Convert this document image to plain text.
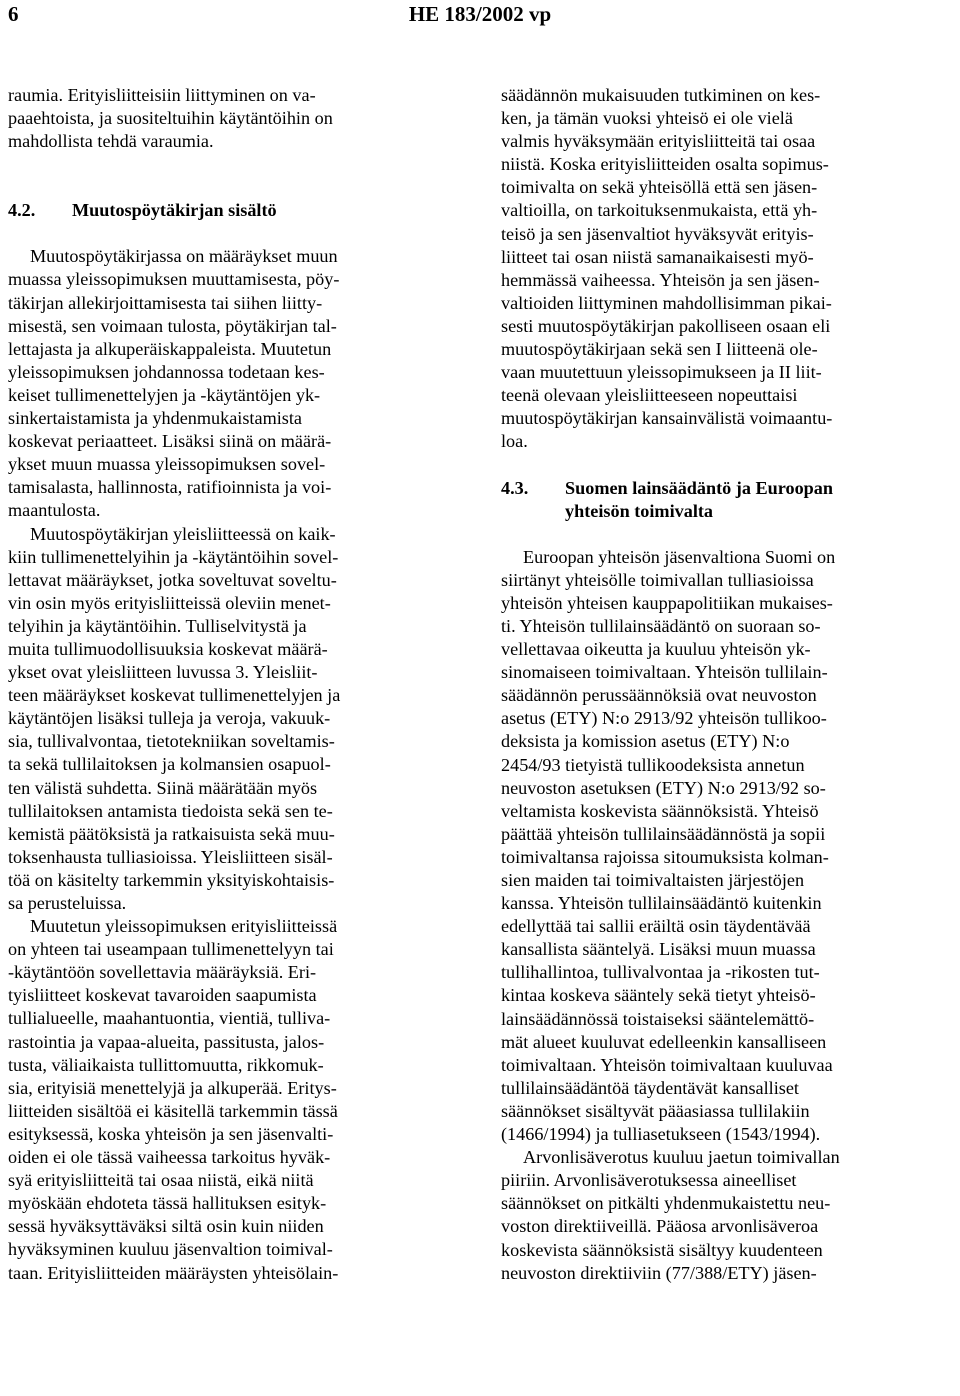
6	HE 183/2002 vp

raumia. Erityisliitteisiin liittyminen on va-
paaehtoista, ja suositeltuihin käytäntöihin on
mahdollista tehdä varaumia.

4.2.	Muutospöytäkirjan sisältö

Muutospöytäkirjassa on määräykset muun
muassa yleissopimuksen muuttamisesta, pöy-
täkirjan allekirjoittamisesta tai siihen liitty-
misestä, sen voimaan tulosta, pöytäkirjan tal-
lettajasta ja alkuperäiskappaleista. Muutetun
yleissopimuksen johdannossa todetaan kes-
keiset tullimenettelyjen ja -käytäntöjen yk-
sinkertaistamista ja yhdenmukaistamista
koskevat periaatteet. Lisäksi siinä on määrä-
ykset muun muassa yleissopimuksen sovel-
tamisalasta, hallinnosta, ratifioinnista ja voi-
maantulosta.

Muutospöytäkirjan yleisliitteessä on kaik-
kiin tullimenettelyihin ja -käytäntöihin sovel-
lettavat määräykset, jotka soveltuvat soveltu-
vin osin myös erityisliitteissä oleviin menet-
telyihin ja käytäntöihin. Tulliselvitystä ja
muita tullimuodollisuuksia koskevat määrä-
ykset ovat yleisliitteen luvussa 3. Yleisliit-
teen määräykset koskevat tullimenettelyjen ja
käytäntöjen lisäksi tulleja ja veroja, vakuuk-
sia, tullivalvontaa, tietotekniikan soveltamis-
ta sekä tullilaitoksen ja kolmansien osapuol-
ten välistä suhdetta. Siinä määrätään myös
tullilaitoksen antamista tiedoista sekä sen te-
kemistä päätöksistä ja ratkaisuista sekä muu-
toksenhausta tulliasioissa. Yleisliitteen sisäl-
töä on käsitelty tarkemmin yksityiskohtaisis-
sa perusteluissa.

Muutetun yleissopimuksen erityisliitteissä
on yhteen tai useampaan tullimenettelyyn tai
-käytäntöön sovellettavia määräyksiä. Eri-
tyisliitteet koskevat tavaroiden saapumista
tullialueelle, maahantuontia, vientiä, tulliva-
rastointia ja vapaa-alueita, passitusta, jalos-
tusta, väliaikaista tullittomuutta, rikkomuk-
sia, erityisiä menettelyjä ja alkuperää. Eritys-
liitteiden sisältöä ei käsitellä tarkemmin tässä
esityksessä, koska yhteisön ja sen jäsenvalti-
oiden ei ole tässä vaiheessa tarkoitus hyväk-
syä erityisliitteitä tai osaa niistä, eikä niitä
myöskään ehdoteta tässä hallituksen esityk-
sessä hyväksyttäväksi siltä osin kuin niiden
hyväksyminen kuuluu jäsenvaltion toimival-
taan. Erityisliitteiden määräysten yhteisölain-

säädännön mukaisuuden tutkiminen on kes-
ken, ja tämän vuoksi yhteisö ei ole vielä
valmis hyväksymään erityisliitteitä tai osaa
niistä. Koska erityisliitteiden osalta sopimus-
toimivalta on sekä yhteisöllä että sen jäsen-
valtioilla, on tarkoituksenmukaista, että yh-
teisö ja sen jäsenvaltiot hyväksyvät erityis-
liitteet tai osan niistä samanaikaisesti myö-
hemmässä vaiheessa. Yhteisön ja sen jäsen-
valtioiden liittyminen mahdollisimman pikai-
sesti muutospöytäkirjan pakolliseen osaan eli
muutospöytäkirjaan sekä sen I liitteenä ole-
vaan muutettuun yleissopimukseen ja II liit-
teenä olevaan yleisliitteeseen nopeuttaisi
muutospöytäkirjan kansainvälistä voimaantu-
loa.

4.3.	Suomen lainsäädäntö ja Euroopan
yhteisön toimivalta

Euroopan yhteisön jäsenvaltiona Suomi on
siirtänyt yhteisölle toimivallan tulliasioissa
yhteisön yhteisen kauppapolitiikan mukaises-
ti. Yhteisön tullilainsäädäntö on suoraan so-
vellettavaa oikeutta ja kuuluu yhteisön yk-
sinomaiseen toimivaltaan. Yhteisön tullilain-
säädännön perussäännöksiä ovat neuvoston
asetus (ETY) N:o 2913/92 yhteisön tullikoo-
deksista ja komission asetus (ETY) N:o
2454/93 tietyistä tullikoodeksista annetun
neuvoston asetuksen (ETY) N:o 2913/92 so-
veltamista koskevista säännöksistä. Yhteisö
päättää yhteisön tullilainsäädännöstä ja sopii
toimivaltansa rajoissa sitoumuksista kolman-
sien maiden tai toimivaltaisten järjestöjen
kanssa. Yhteisön tullilainsäädäntö kuitenkin
edellyttää tai sallii eräiltä osin täydentävää
kansallista sääntelyä. Lisäksi muun muassa
tullihallintoa, tullivalvontaa ja -rikosten tut-
kintaa koskeva sääntely sekä tietyt yhteisö-
lainsäädännössä toistaiseksi sääntelemättö-
mät alueet kuuluvat edelleenkin kansalliseen
toimivaltaan. Yhteisön toimivaltaan kuuluvaa
tullilainsäädäntöä täydentävät kansalliset
säännökset sisältyvät pääasiassa tullilakiin
(1466/1994) ja tulliasetukseen (1543/1994).

Arvonlisäverotus kuuluu jaetun toimivallan
piiriin. Arvonlisäverotuksessa aineelliset
säännökset on pitkälti yhdenmukaistettu neu-
voston direktiiveillä. Pääosa arvonlisäveroa
koskevista säännöksistä sisältyy kuudenteen
neuvoston direktiiviin (77/388/ETY) jäsen-
